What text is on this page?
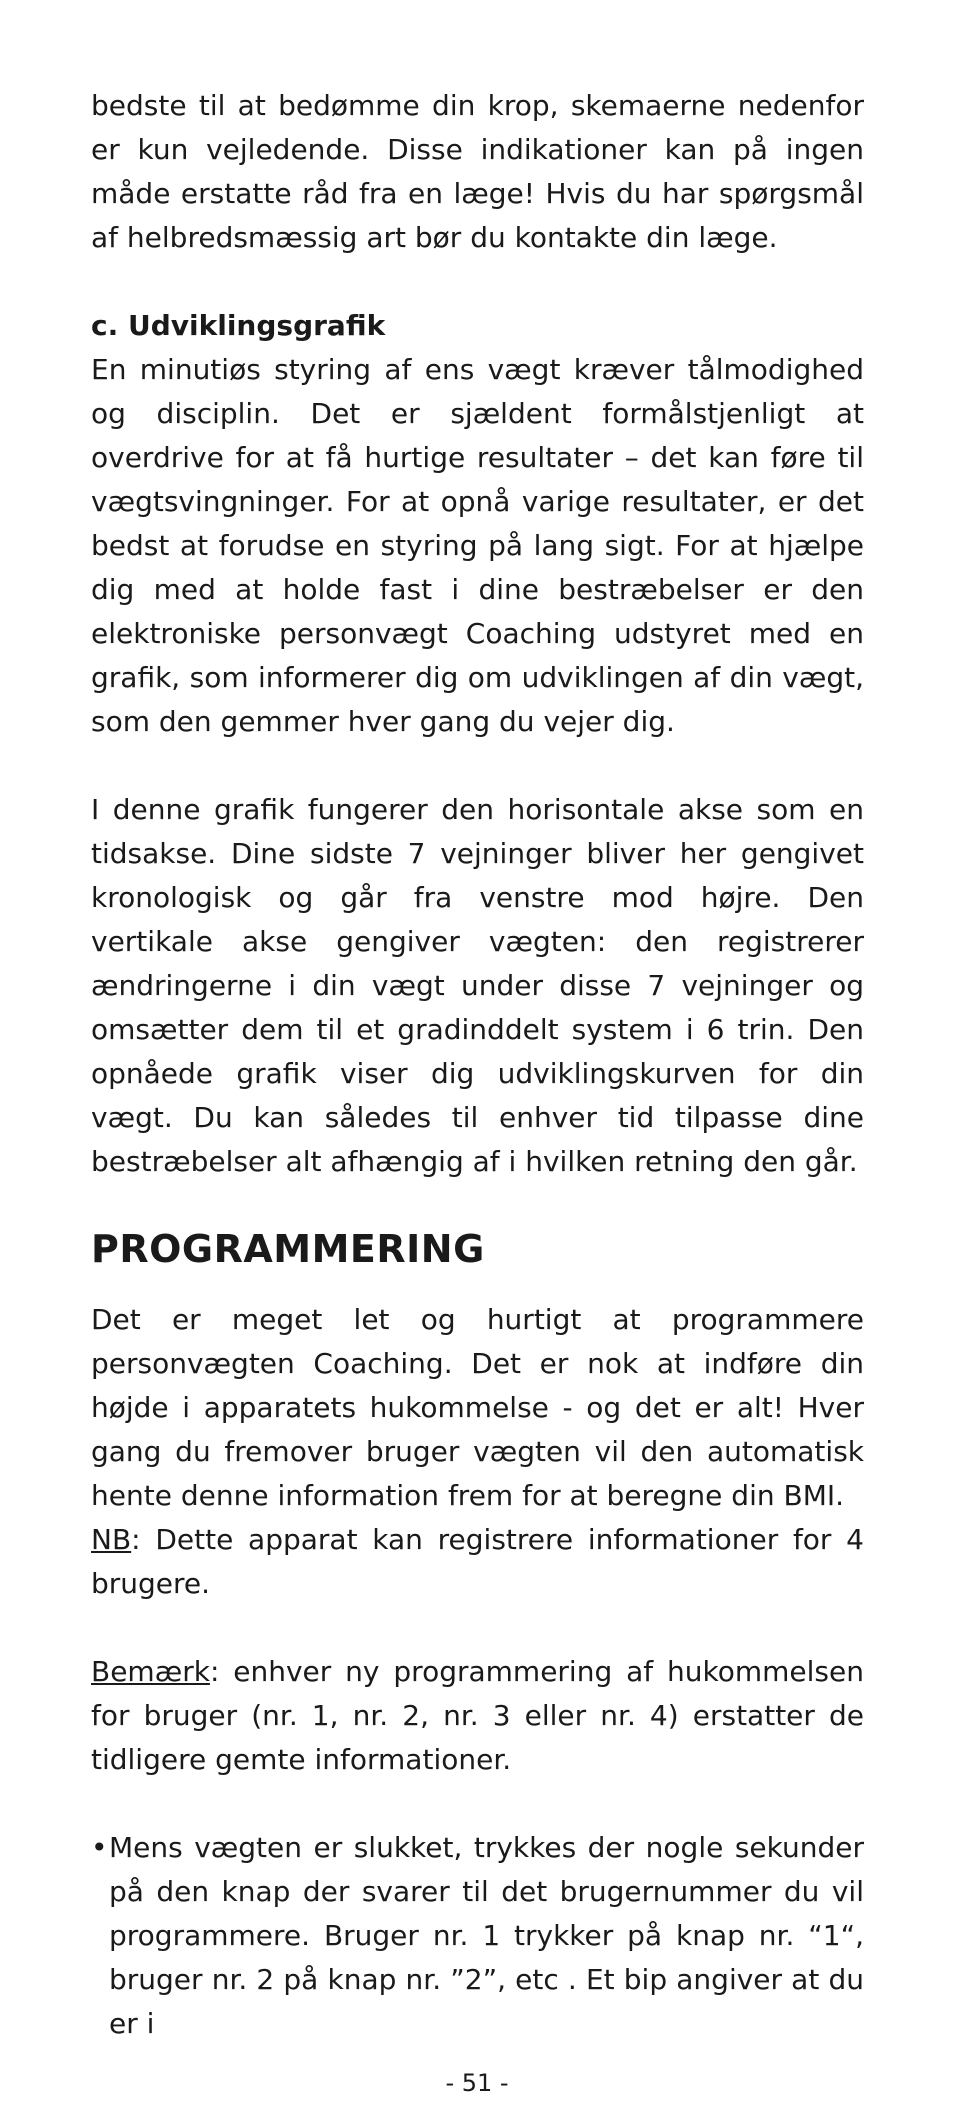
bedste til at bedømme din krop, skemaerne nedenfor er kun vejledende. Disse indikationer kan på ingen måde erstatte råd fra en læge! Hvis du har spørgsmål af helbredsmæssig art bør du kontakte din læge.

c. Udviklingsgrafik

En minutiøs styring af ens vægt kræver tålmodighed og disciplin. Det er sjældent formålstjenligt at overdrive for at få hurtige resultater – det kan føre til vægtsvingninger. For at opnå varige resultater, er det bedst at forudse en styring på lang sigt. For at hjælpe dig med at holde fast i dine bestræbelser er den elektroniske personvægt Coaching udstyret med en grafik, som informerer dig om udviklingen af din vægt, som den gemmer hver gang du vejer dig.

I denne grafik fungerer den horisontale akse som en tidsakse. Dine sidste 7 vejninger bliver her gengivet kronologisk og går fra venstre mod højre. Den vertikale akse gengiver vægten: den registrerer ændringerne i din vægt under disse 7 vejninger og omsætter dem til et gradinddelt system i 6 trin. Den opnåede grafik viser dig udviklingskurven for din vægt. Du kan således til enhver tid tilpasse dine bestræbelser alt afhængig af i hvilken retning den går.

PROGRAMMERING

Det er meget let og hurtigt at programmere personvægten Coaching. Det er nok at indføre din højde i apparatets hukommelse - og det er alt! Hver gang du fremover bruger vægten vil den automatisk hente denne information frem for at beregne din BMI.

NB: Dette apparat kan registrere informationer for 4 brugere.

Bemærk: enhver ny programmering af hukommelsen for bruger (nr. 1, nr. 2, nr. 3 eller nr. 4) erstatter de tidligere gemte informationer.

• Mens vægten er slukket, trykkes der nogle sekunder på den knap der svarer til det brugernummer du vil programmere. Bruger nr. 1 trykker på knap nr. “1“, bruger nr. 2 på knap nr. ”2”, etc . Et bip angiver at du er i

- 51 -
